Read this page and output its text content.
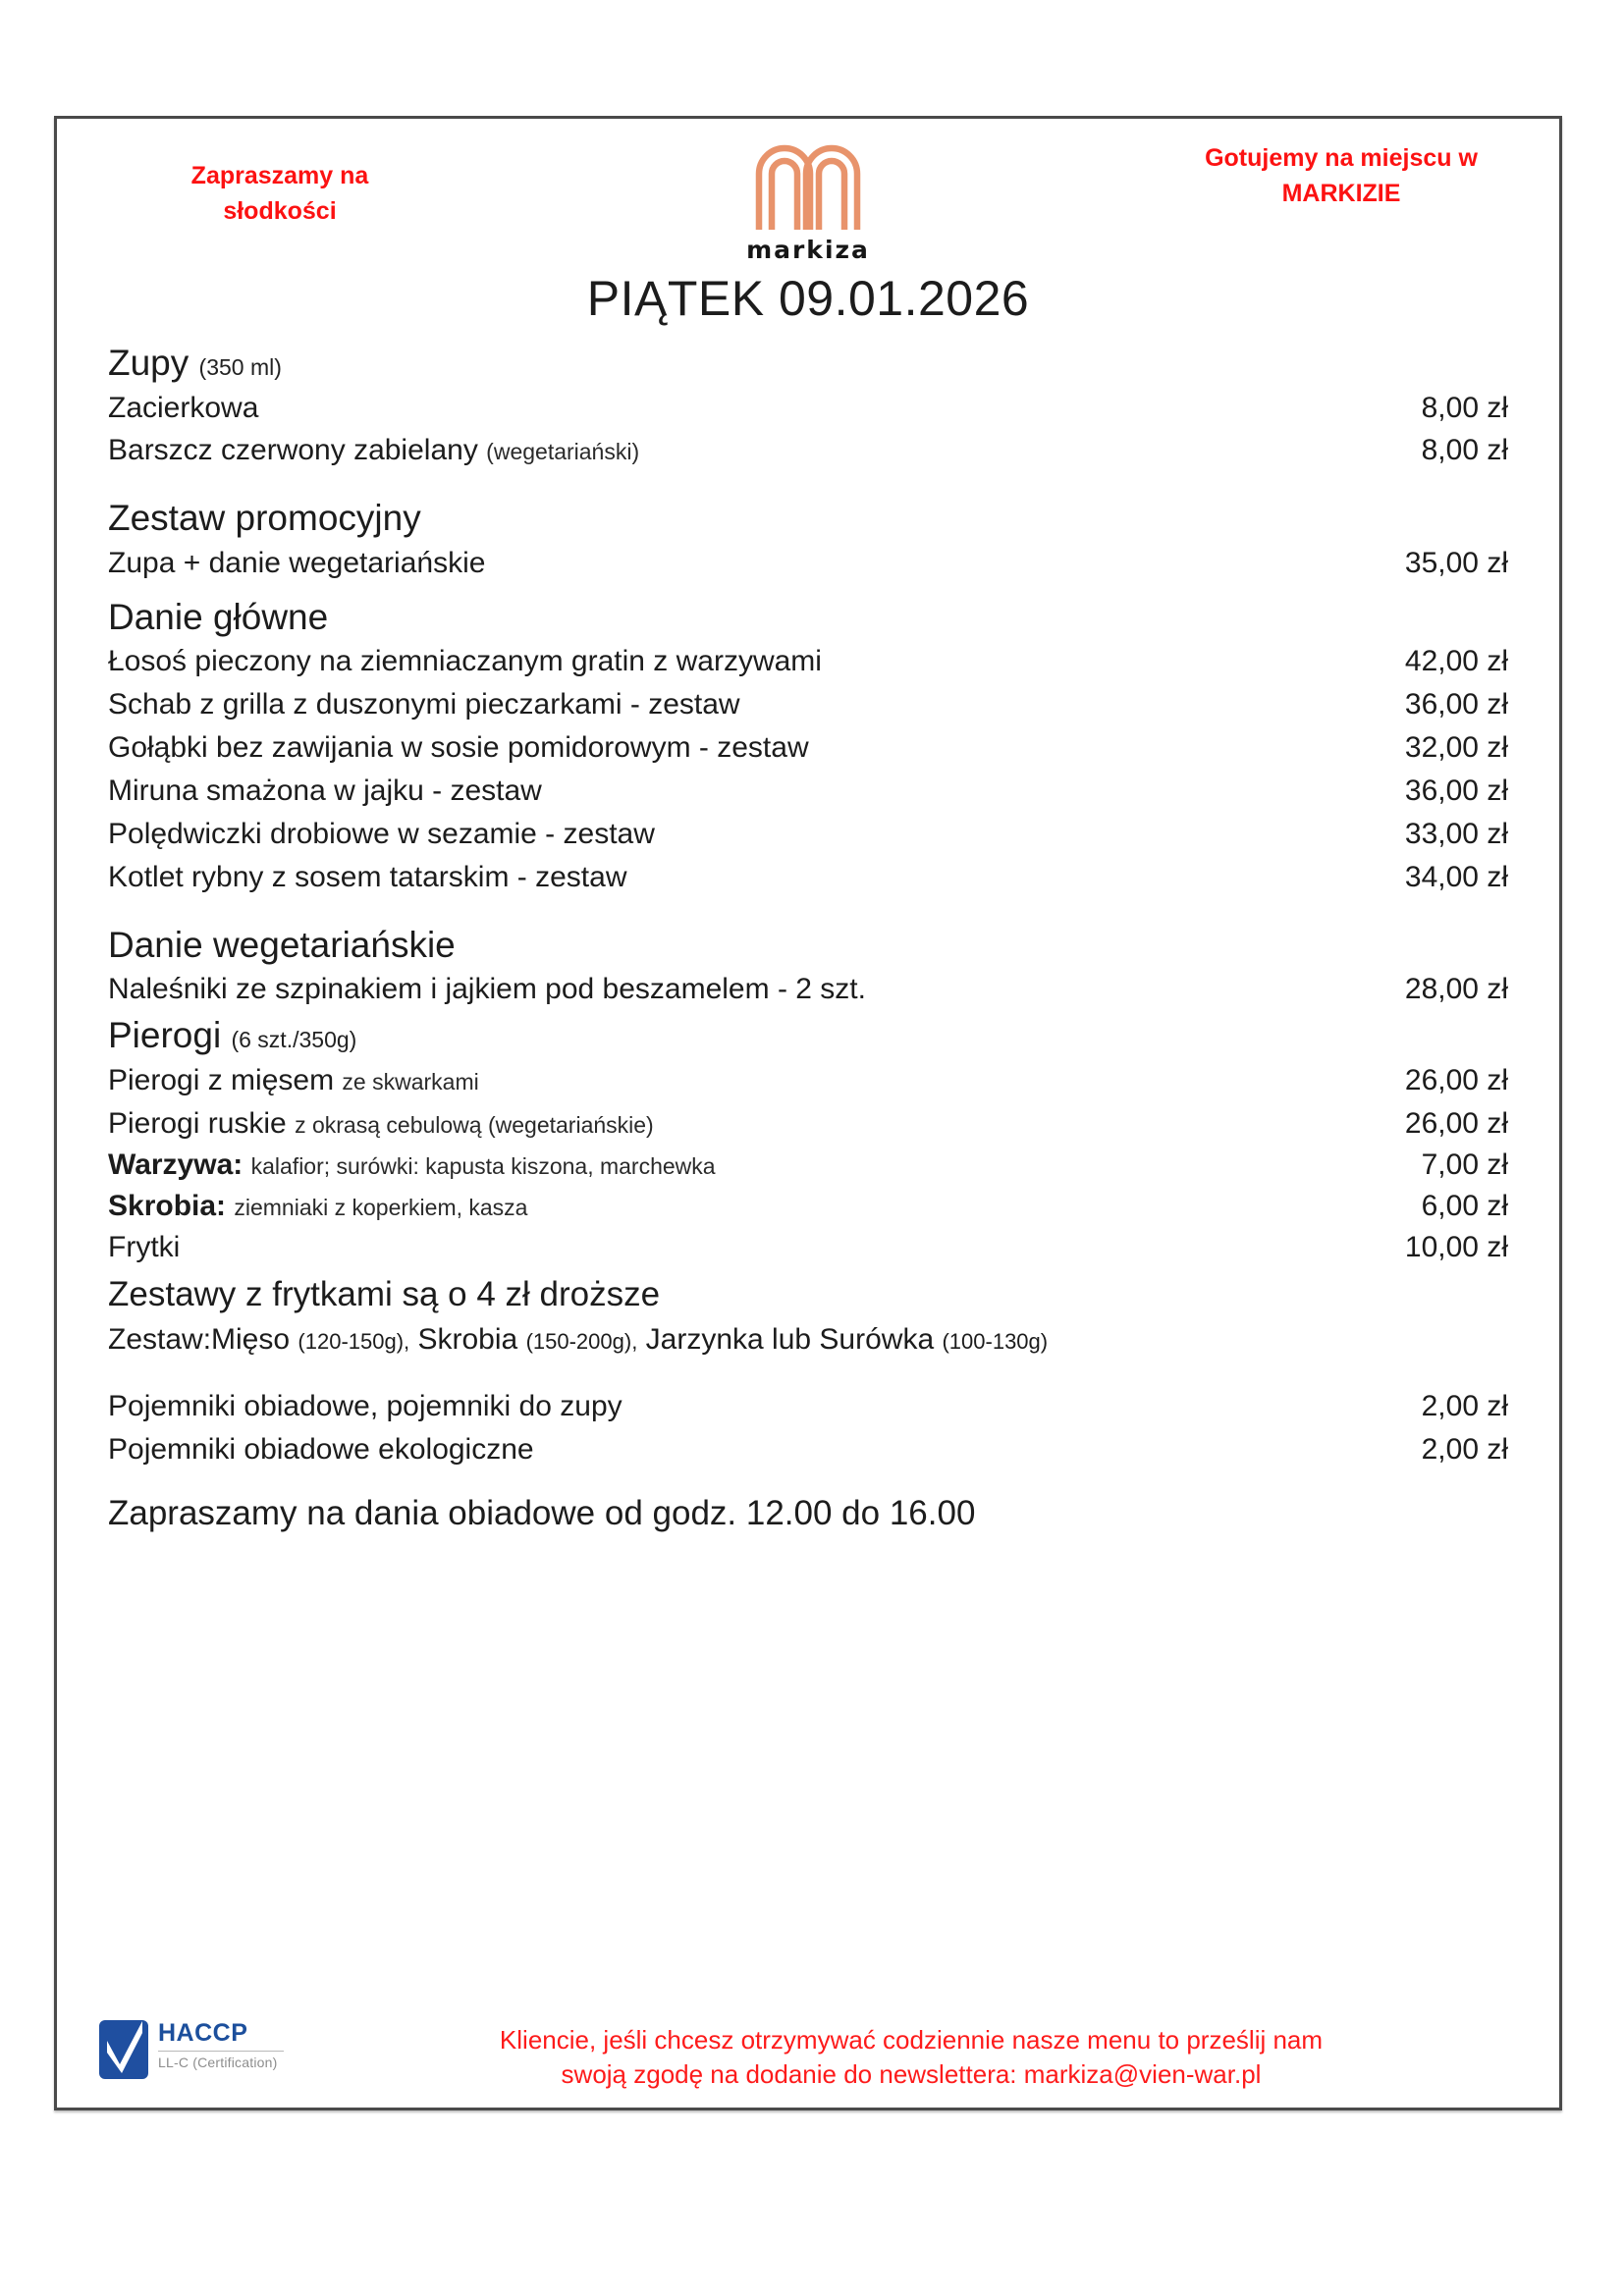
Zapraszamy na słodkości
markiza
Gotujemy na miejscu w MARKIZIE
PIĄTEK 09.01.2026
Zupy (350 ml)
Zacierkowa	8,00 zł
Barszcz czerwony zabielany (wegetariański)	8,00 zł
Zestaw promocyjny
Zupa + danie wegetariańskie	35,00 zł
Danie główne
Łosoś pieczony na ziemniaczanym gratin z warzywami	42,00 zł
Schab z grilla z duszonymi pieczarkami - zestaw	36,00 zł
Gołąbki bez zawijania w sosie pomidorowym - zestaw	32,00 zł
Miruna smażona w jajku - zestaw	36,00 zł
Polędwiczki drobiowe w sezamie - zestaw	33,00 zł
Kotlet rybny z sosem tatarskim - zestaw	34,00 zł
Danie wegetariańskie
Naleśniki ze szpinakiem i jajkiem pod beszamelem - 2 szt.	28,00 zł
Pierogi (6 szt./350g)
Pierogi z mięsem ze skwarkami	26,00 zł
Pierogi ruskie z okrasą cebulową (wegetariańskie)	26,00 zł
Warzywa: kalafior; surówki: kapusta kiszona, marchewka	7,00 zł
Skrobia: ziemniaki z koperkiem, kasza	6,00 zł
Frytki	10,00 zł
Zestawy z frytkami są o 4 zł droższe
Zestaw:Mięso (120-150g), Skrobia (150-200g), Jarzynka lub Surówka (100-130g)
Pojemniki obiadowe, pojemniki do zupy	2,00 zł
Pojemniki obiadowe ekologiczne	2,00 zł
Zapraszamy na dania obiadowe od godz. 12.00 do 16.00
HACCP
LL-C (Certification)
Kliencie, jeśli chcesz otrzymywać codziennie nasze menu to prześlij nam
swoją zgodę na dodanie do newslettera: markiza@vien-war.pl
